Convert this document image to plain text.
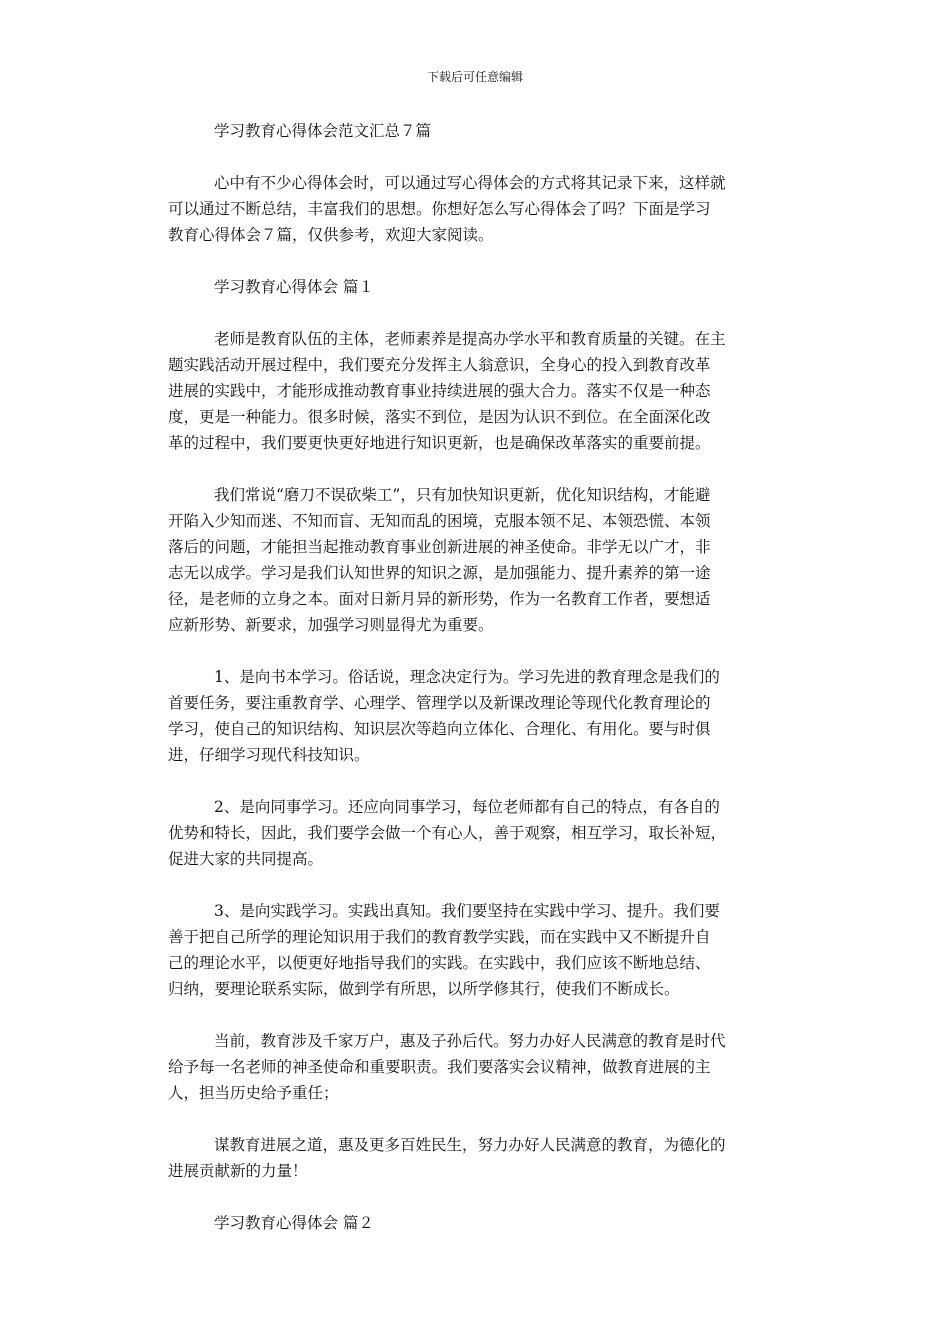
下载后可任意编辑
学习教育心得体会范文汇总７篇

心中有不少心得体会时，可以通过写心得体会的方式将其记录下来，这样就
可以通过不断总结，丰富我们的思想。你想好怎么写心得体会了吗？下面是学习
教育心得体会７篇，仅供参考，欢迎大家阅读。

学习教育心得体会 篇１

老师是教育队伍的主体，老师素养是提高办学水平和教育质量的关键。在主
题实践活动开展过程中，我们要充分发挥主人翁意识，全身心的投入到教育改革
进展的实践中，才能形成推动教育事业持续进展的强大合力。落实不仅是一种态
度，更是一种能力。很多时候，落实不到位，是因为认识不到位。在全面深化改
革的过程中，我们要更快更好地进行知识更新，也是确保改革落实的重要前提。

我们常说“磨刀不误砍柴工”，只有加快知识更新，优化知识结构，才能避
开陷入少知而迷、不知而盲、无知而乱的困境，克服本领不足、本领恐慌、本领
落后的问题，才能担当起推动教育事业创新进展的神圣使命。非学无以广才，非
志无以成学。学习是我们认知世界的知识之源，是加强能力、提升素养的第一途
径，是老师的立身之本。面对日新月异的新形势，作为一名教育工作者，要想适
应新形势、新要求，加强学习则显得尤为重要。

1、是向书本学习。俗话说，理念决定行为。学习先进的教育理念是我们的
首要任务，要注重教育学、心理学、管理学以及新课改理论等现代化教育理论的
学习，使自己的知识结构、知识层次等趋向立体化、合理化、有用化。要与时俱
进，仔细学习现代科技知识。

2、是向同事学习。还应向同事学习，每位老师都有自己的特点，有各自的
优势和特长，因此，我们要学会做一个有心人，善于观察，相互学习，取长补短，
促进大家的共同提高。

3、是向实践学习。实践出真知。我们要坚持在实践中学习、提升。我们要
善于把自己所学的理论知识用于我们的教育教学实践，而在实践中又不断提升自
己的理论水平，以便更好地指导我们的实践。在实践中，我们应该不断地总结、
归纳，要理论联系实际，做到学有所思，以所学修其行，使我们不断成长。

当前，教育涉及千家万户，惠及子孙后代。努力办好人民满意的教育是时代
给予每一名老师的神圣使命和重要职责。我们要落实会议精神，做教育进展的主
人，担当历史给予重任；

谋教育进展之道，惠及更多百姓民生，努力办好人民满意的教育，为德化的
进展贡献新的力量！

学习教育心得体会 篇２
